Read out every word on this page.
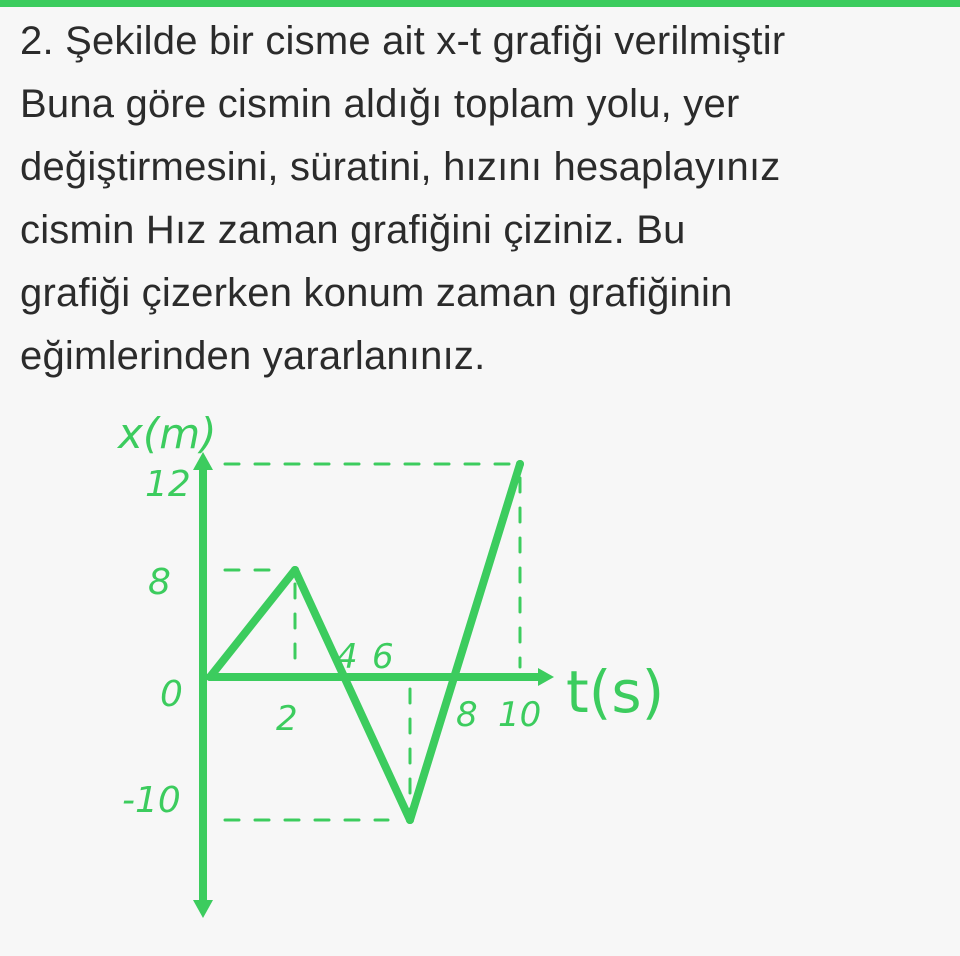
2. Şekilde bir cisme ait x-t grafiği verilmiştir
Buna göre cismin aldığı toplam yolu, yer
değiştirmesini, süratini, hızını hesaplayınız
cismin Hız zaman grafiğini çiziniz. Bu
grafiği çizerken konum zaman grafiğinin
eğimlerinden yararlanınız.
x(m)
t(s)
12
8
0
-10
2
4 6
8 10
